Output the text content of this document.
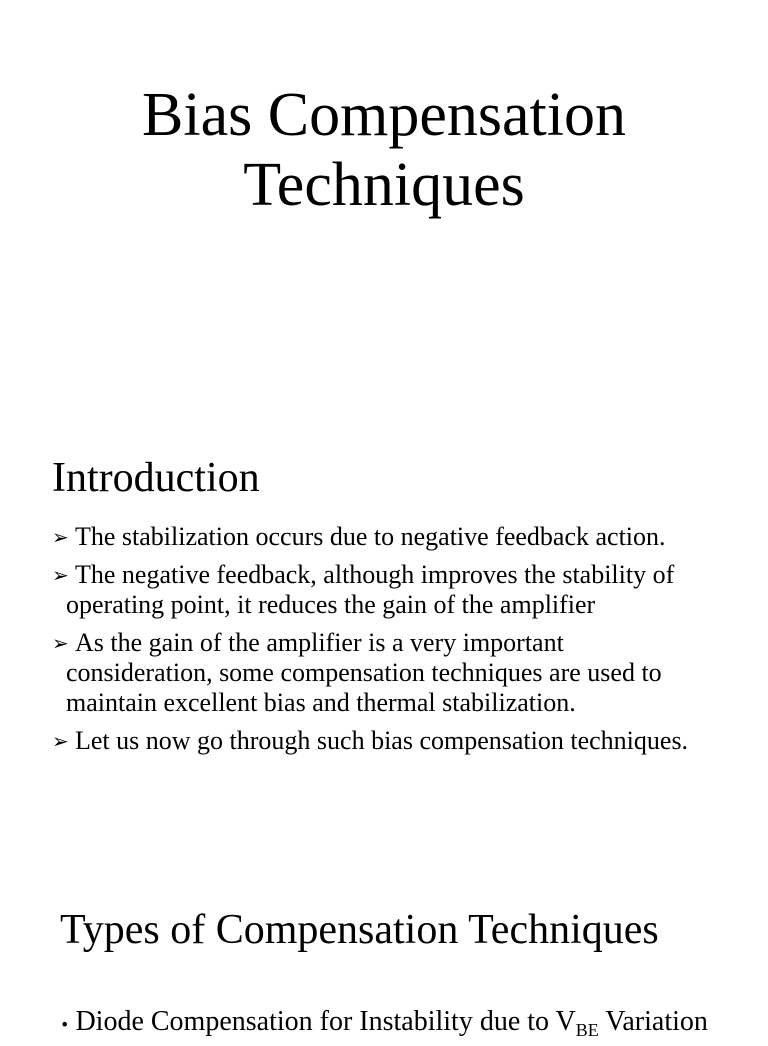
Bias Compensation
Techniques
Introduction
➢ The stabilization occurs due to negative feedback action.
➢ The negative feedback, although improves the stability of operating point, it reduces the gain of the amplifier
➢ As the gain of the amplifier is a very important consideration, some compensation techniques are used to maintain excellent bias and thermal stabilization.
➢ Let us now go through such bias compensation techniques.
Types of Compensation Techniques
• Diode Compensation for Instability due to $V_{BE}$ Variation
